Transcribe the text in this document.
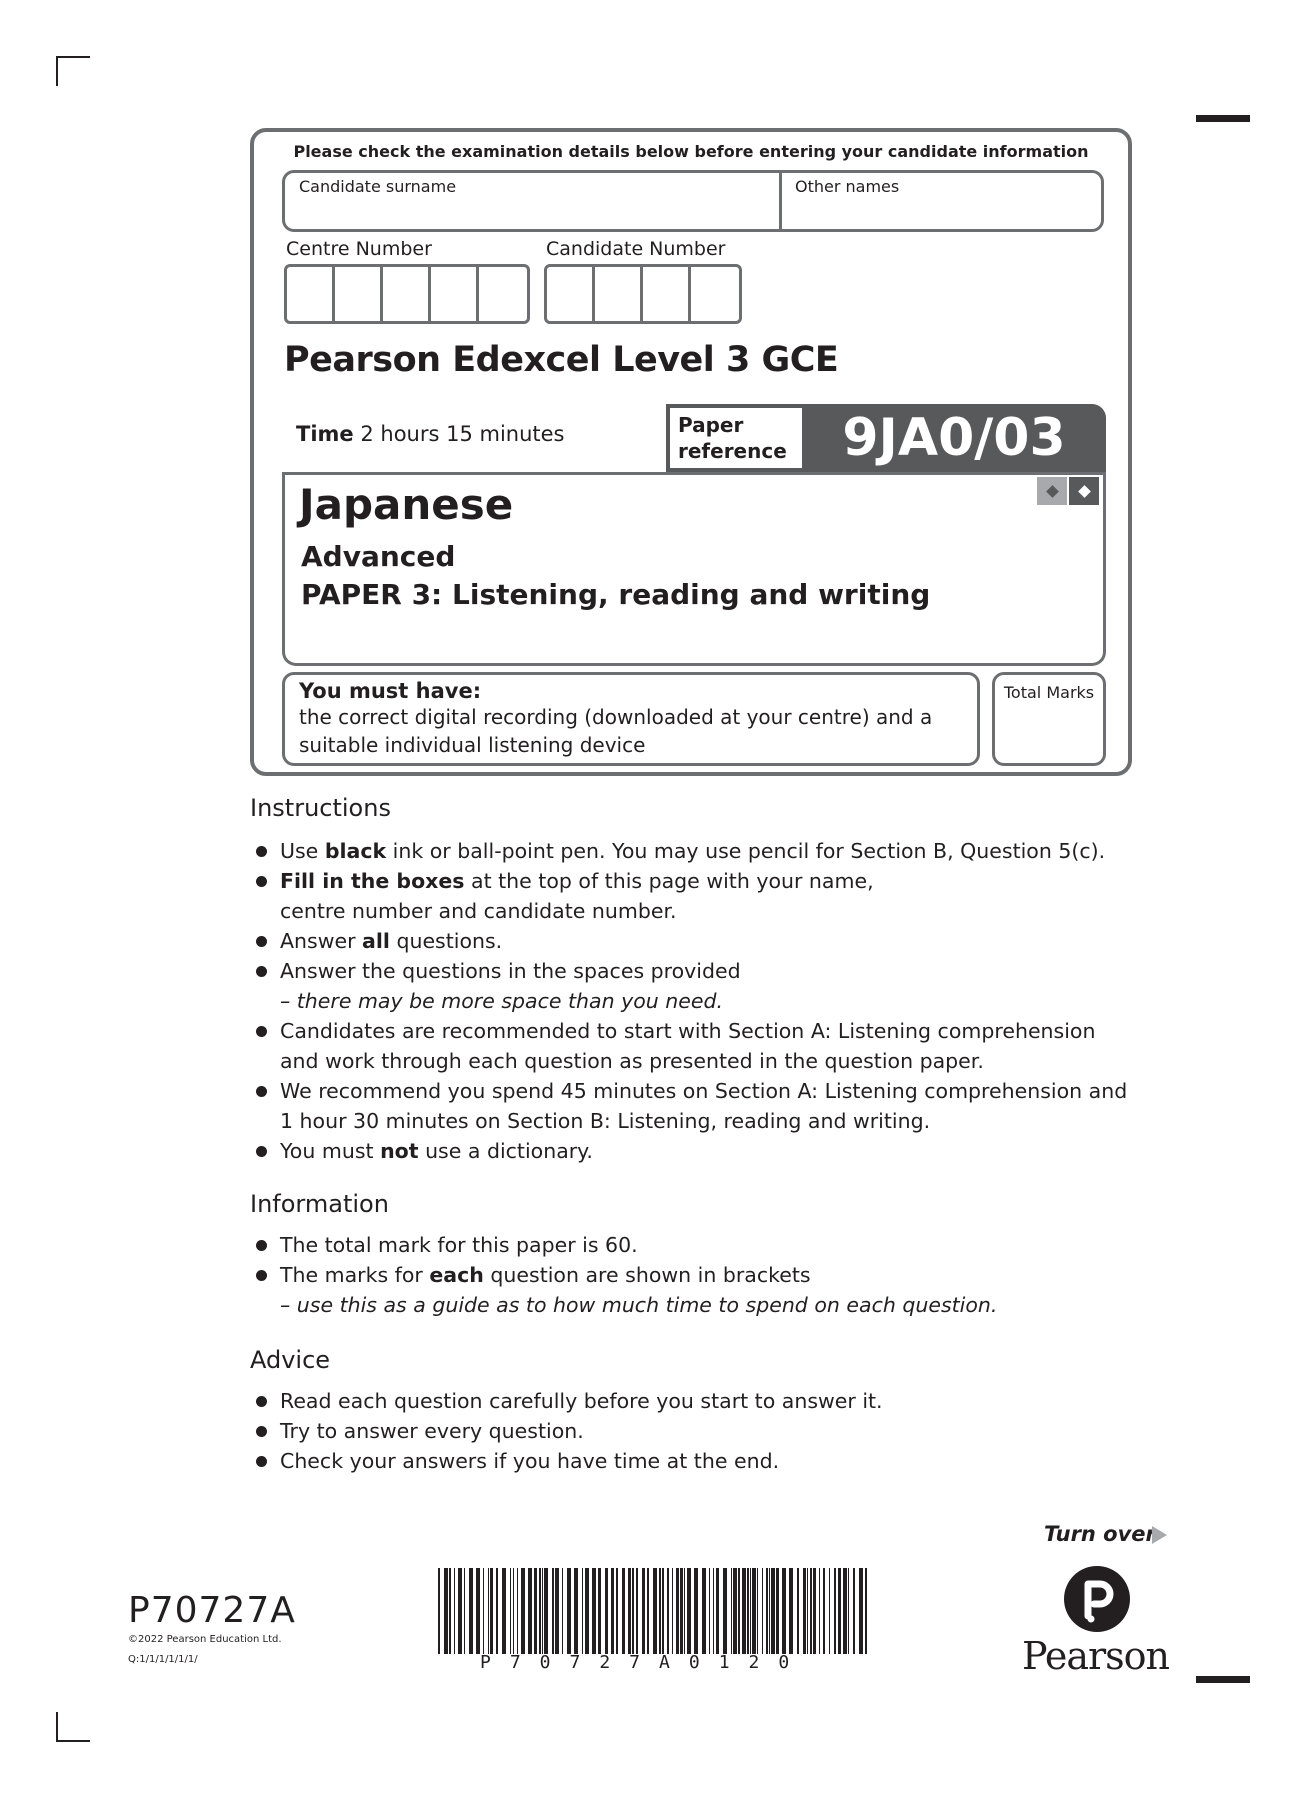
Please check the examination details below before entering your candidate information
Candidate surname	Other names
Centre Number	Candidate Number
Pearson Edexcel Level 3 GCE
Time 2 hours 15 minutes	Paper reference	9JA0/03
Japanese
Advanced
PAPER 3: Listening, reading and writing
You must have:
the correct digital recording (downloaded at your centre) and a suitable individual listening device
Total Marks
Instructions
Use black ink or ball-point pen. You may use pencil for Section B, Question 5(c).
Fill in the boxes at the top of this page with your name,
centre number and candidate number.
Answer all questions.
Answer the questions in the spaces provided
– there may be more space than you need.
Candidates are recommended to start with Section A: Listening comprehension
and work through each question as presented in the question paper.
We recommend you spend 45 minutes on Section A: Listening comprehension and
1 hour 30 minutes on Section B: Listening, reading and writing.
You must not use a dictionary.
Information
The total mark for this paper is 60.
The marks for each question are shown in brackets
– use this as a guide as to how much time to spend on each question.
Advice
Read each question carefully before you start to answer it.
Try to answer every question.
Check your answers if you have time at the end.
Turn over
P70727A
©2022 Pearson Education Ltd.
Q:1/1/1/1/1/1/	P70727A0120	Pearson
